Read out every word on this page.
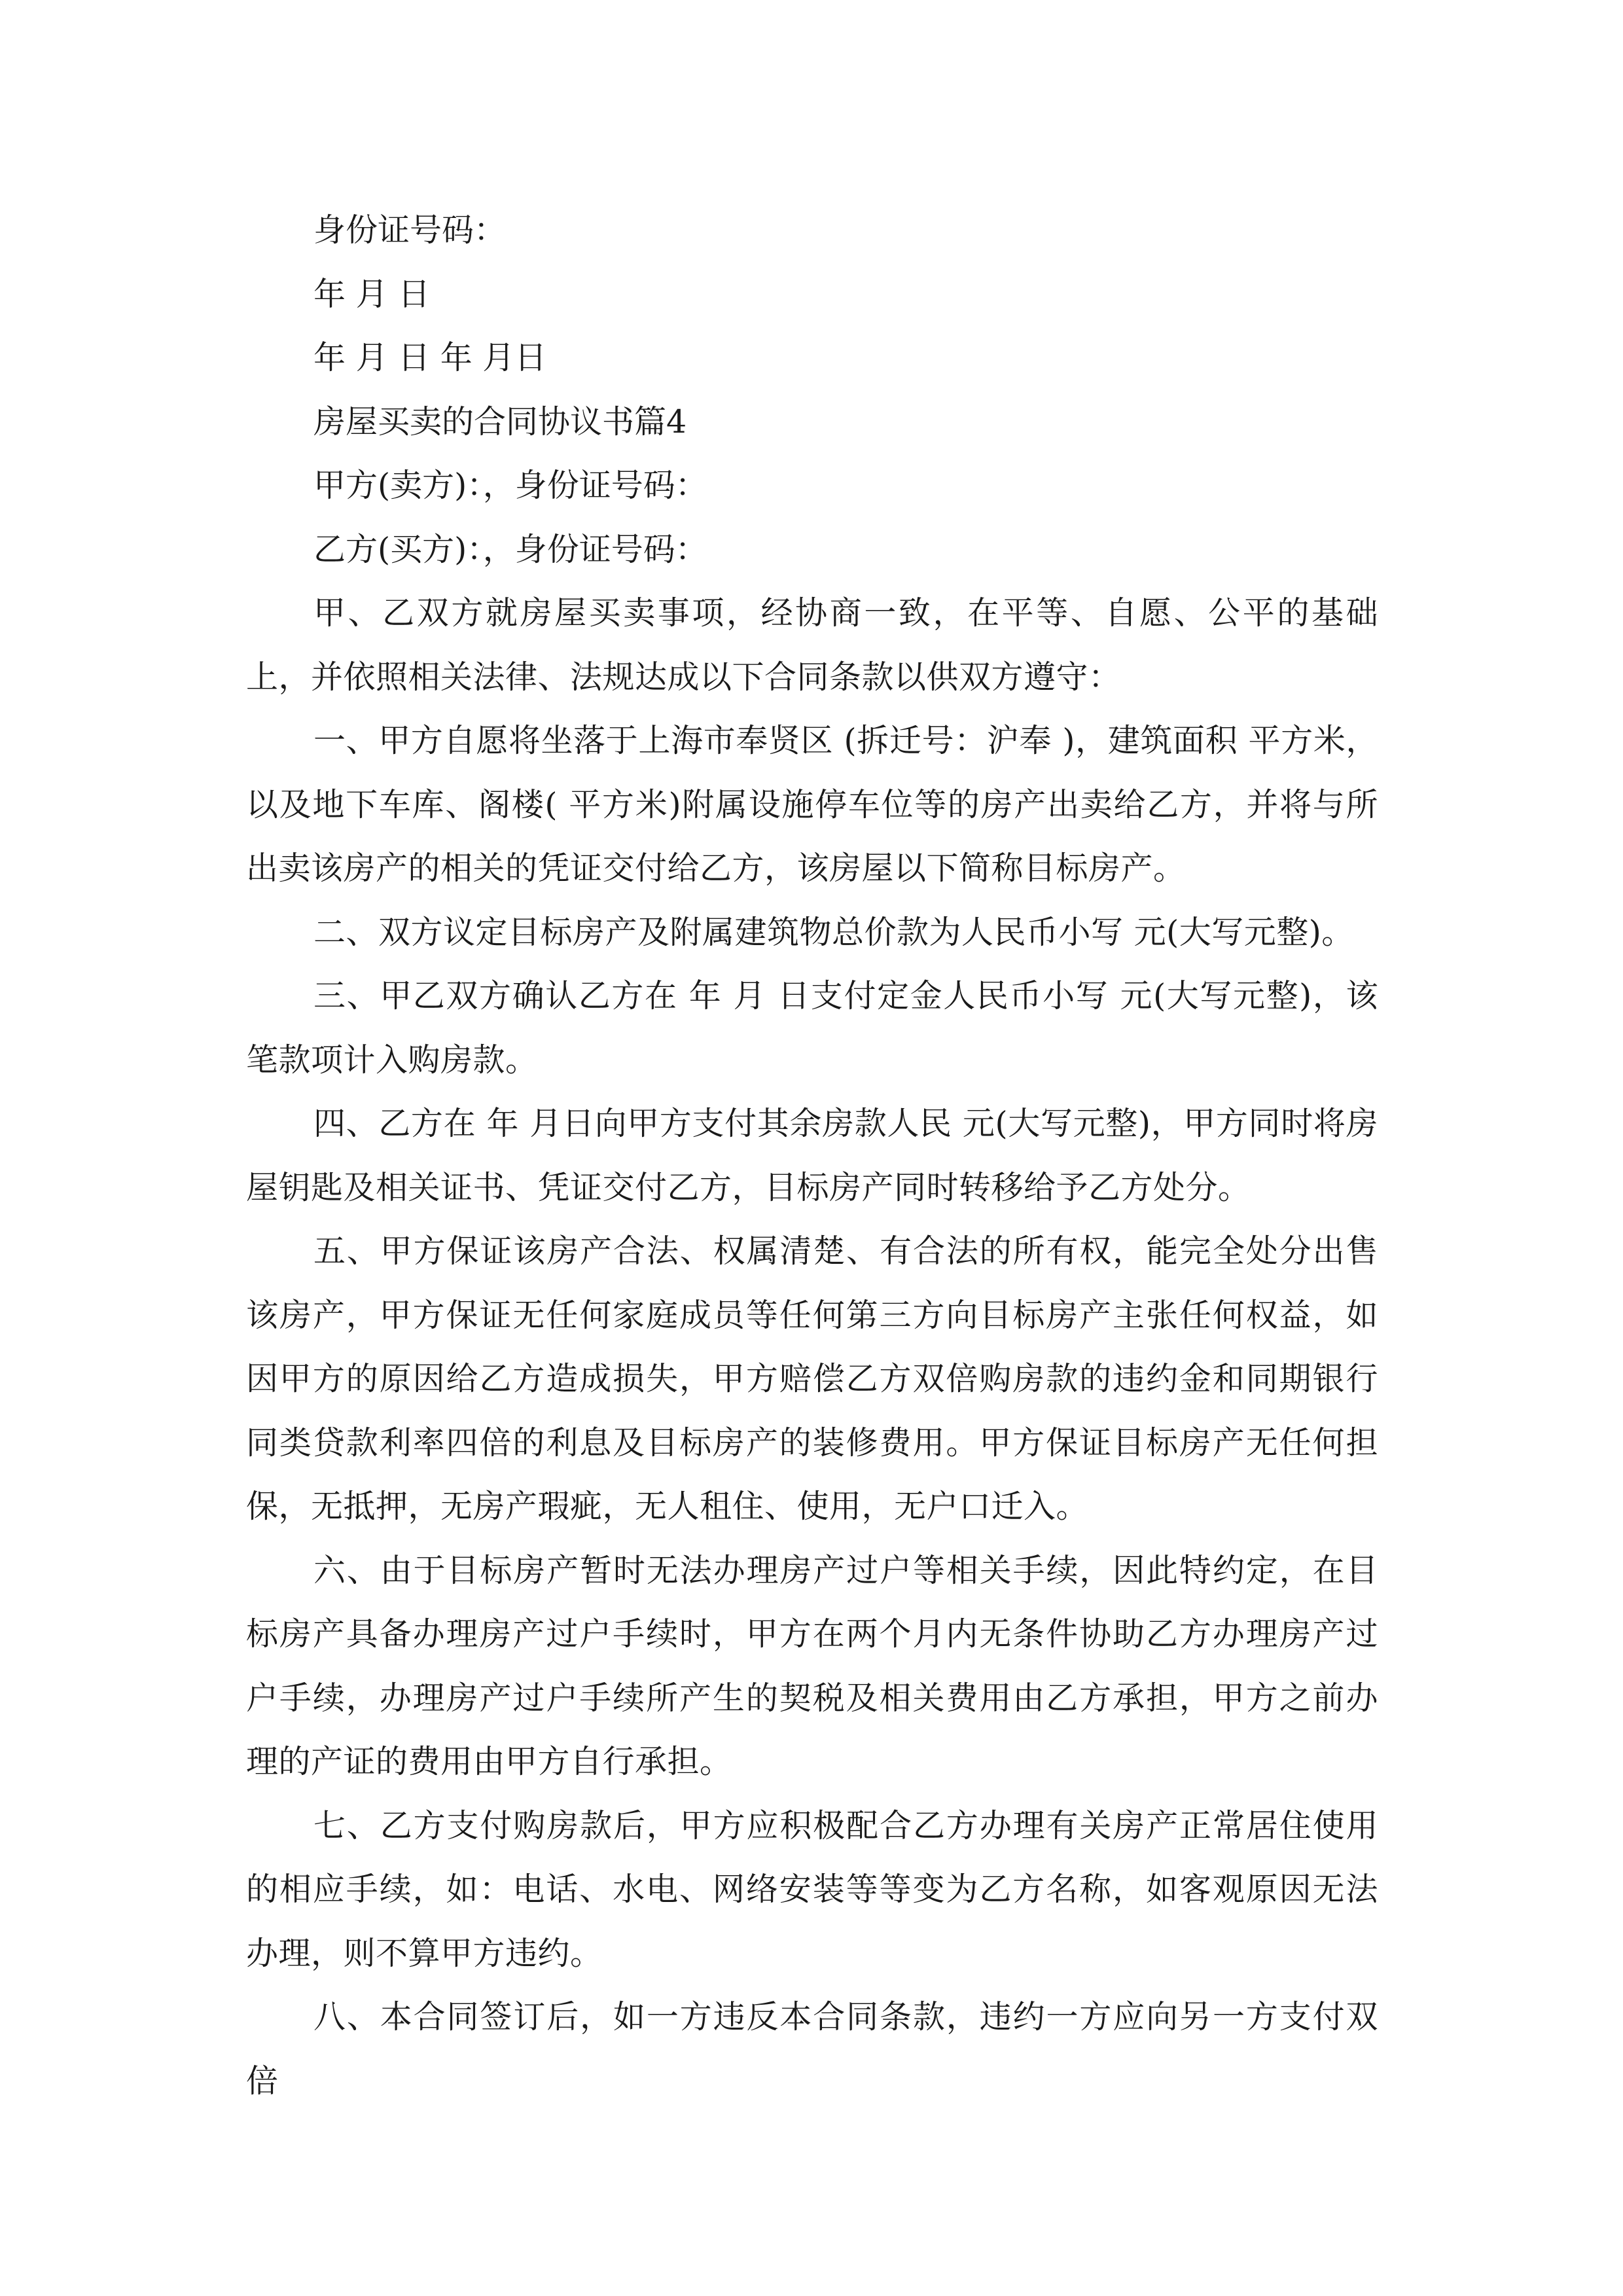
身份证号码：

年 月 日

年 月 日 年 月日

房屋买卖的合同协议书篇4

甲方(卖方)：，身份证号码：

乙方(买方)：，身份证号码：

甲、乙双方就房屋买卖事项，经协商一致，在平等、自愿、公平的基础上，并依照相关法律、法规达成以下合同条款以供双方遵守：

一、甲方自愿将坐落于上海市奉贤区 (拆迁号：沪奉 )，建筑面积 平方米，以及地下车库、阁楼( 平方米)附属设施停车位等的房产出卖给乙方，并将与所出卖该房产的相关的凭证交付给乙方，该房屋以下简称目标房产。

二、双方议定目标房产及附属建筑物总价款为人民币小写 元(大写元整)。

三、甲乙双方确认乙方在 年 月 日支付定金人民币小写 元(大写元整)，该笔款项计入购房款。

四、乙方在 年 月日向甲方支付其余房款人民 元(大写元整)，甲方同时将房屋钥匙及相关证书、凭证交付乙方，目标房产同时转移给予乙方处分。

五、甲方保证该房产合法、权属清楚、有合法的所有权，能完全处分出售该房产，甲方保证无任何家庭成员等任何第三方向目标房产主张任何权益，如因甲方的原因给乙方造成损失，甲方赔偿乙方双倍购房款的违约金和同期银行同类贷款利率四倍的利息及目标房产的装修费用。甲方保证目标房产无任何担保，无抵押，无房产瑕疵，无人租住、使用，无户口迁入。

六、由于目标房产暂时无法办理房产过户等相关手续，因此特约定，在目标房产具备办理房产过户手续时，甲方在两个月内无条件协助乙方办理房产过户手续，办理房产过户手续所产生的契税及相关费用由乙方承担，甲方之前办理的产证的费用由甲方自行承担。

七、乙方支付购房款后，甲方应积极配合乙方办理有关房产正常居住使用的相应手续，如：电话、水电、网络安装等等变为乙方名称，如客观原因无法办理，则不算甲方违约。

八、本合同签订后，如一方违反本合同条款，违约一方应向另一方支付双倍
